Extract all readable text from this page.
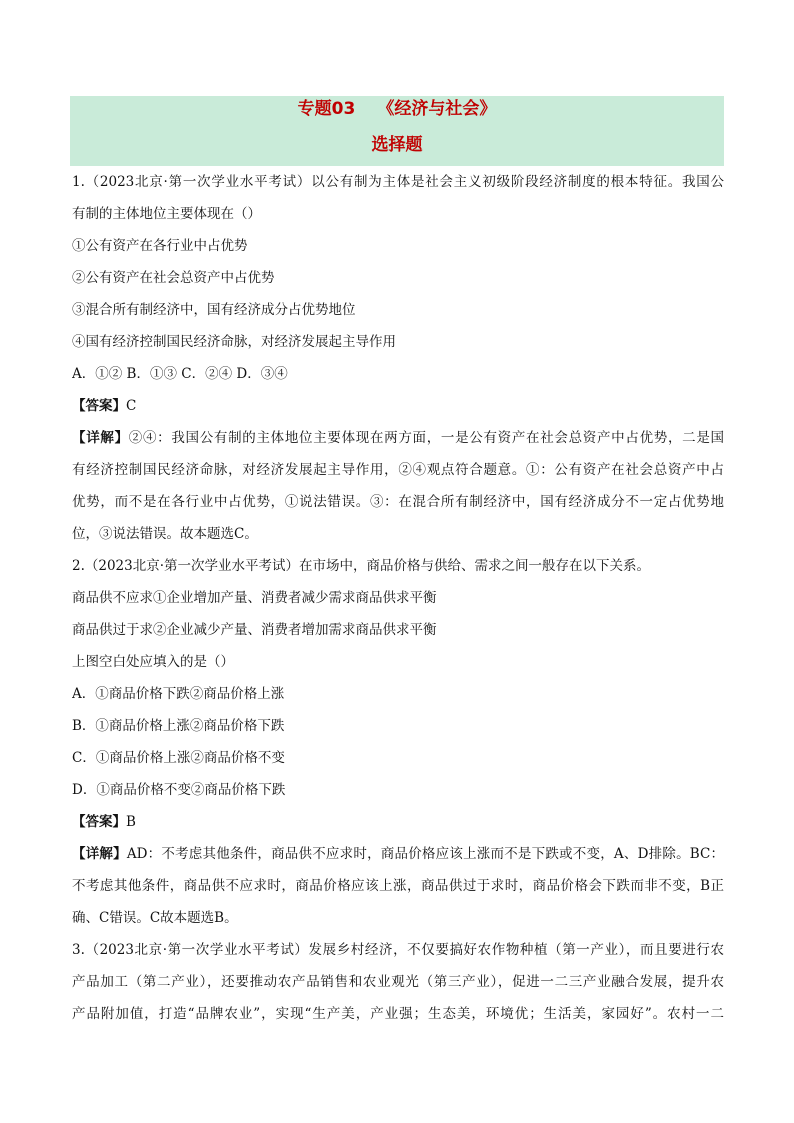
专题03 《经济与社会》
选择题
1.（2023北京·第一次学业水平考试）以公有制为主体是社会主义初级阶段经济制度的根本特征。我国公
有制的主体地位主要体现在（）
①公有资产在各行业中占优势
②公有资产在社会总资产中占优势
③混合所有制经济中，国有经济成分占优势地位
④国有经济控制国民经济命脉，对经济发展起主导作用
A．①② B．①③ C．②④ D．③④
【答案】C
【详解】②④：我国公有制的主体地位主要体现在两方面，一是公有资产在社会总资产中占优势，二是国
有经济控制国民经济命脉，对经济发展起主导作用，②④观点符合题意。①：公有资产在社会总资产中占
优势，而不是在各行业中占优势，①说法错误。③：在混合所有制经济中，国有经济成分不一定占优势地
位，③说法错误。故本题选C。
2.（2023北京·第一次学业水平考试）在市场中，商品价格与供给、需求之间一般存在以下关系。
商品供不应求①企业增加产量、消费者减少需求商品供求平衡
商品供过于求②企业减少产量、消费者增加需求商品供求平衡
上图空白处应填入的是（）
A．①商品价格下跌②商品价格上涨
B．①商品价格上涨②商品价格下跌
C．①商品价格上涨②商品价格不变
D．①商品价格不变②商品价格下跌
【答案】B
【详解】AD：不考虑其他条件，商品供不应求时，商品价格应该上涨而不是下跌或不变，A、D排除。BC：
不考虑其他条件，商品供不应求时，商品价格应该上涨，商品供过于求时，商品价格会下跌而非不变，B正
确、C错误。C故本题选B。
3.（2023北京·第一次学业水平考试）发展乡村经济，不仅要搞好农作物种植（第一产业），而且要进行农
产品加工（第二产业），还要推动农产品销售和农业观光（第三产业），促进一二三产业融合发展，提升农
产品附加值，打造“品牌农业”，实现“生产美，产业强；生态美，环境优；生活美，家园好”。农村一二
